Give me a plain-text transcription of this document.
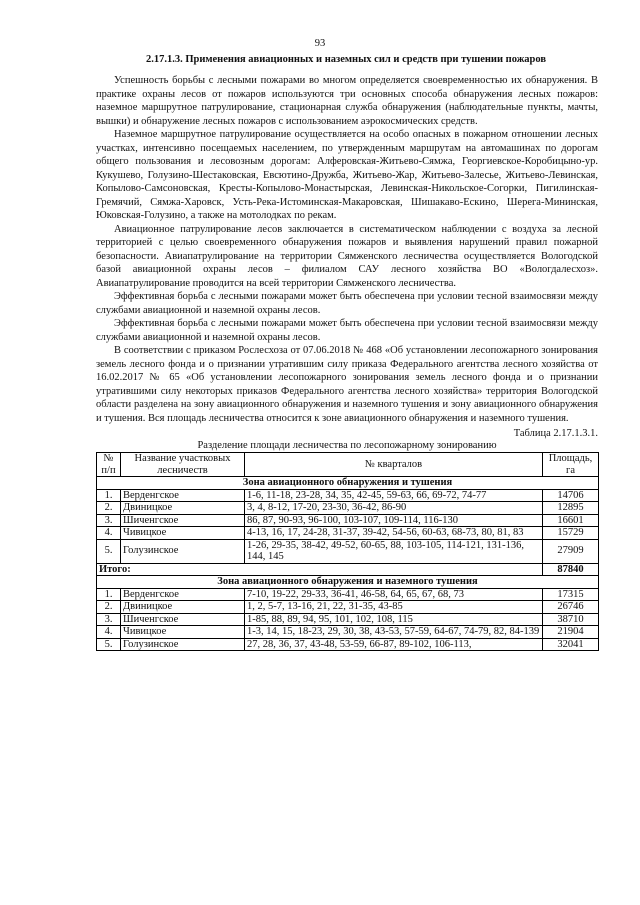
93
2.17.1.3. Применения авиационных и наземных сил и средств при тушении пожаров

Успешность борьбы с лесными пожарами во многом определяется своевременностью их обнаружения. В практике охраны лесов от пожаров используются три основных способа обнаружения лесных пожаров: наземное маршрутное патрулирование, стационарная служба обнаружения (наблюдательные пункты, мачты, вышки) и обнаружение лесных пожаров с использованием аэрокосмических средств.

Наземное маршрутное патрулирование осуществляется на особо опасных в пожарном отношении лесных участках, интенсивно посещаемых населением, по утвержденным маршрутам на автомашинах по дорогам общего пользования и лесовозным дорогам: Алферовская-Житьево-Сямжа, Георгиевское-Коробицыно-ур. Кукушево, Голузино-Шестаковская, Евсютино-Дружба, Житьево-Жар, Житьево-Залесье, Житьево-Левинская, Копылово-Самсоновская, Кресты-Копылово-Монастырская, Левинская-Никольское-Согорки, Пигилинская-Гремячий, Сямжа-Харовск, Усть-Река-Истоминская-Макаровская, Шишакаво-Ескино, Шерега-Мининская, Юковская-Голузино, а также на мотолодках по рекам.

Авиационное патрулирование лесов заключается в систематическом наблюдении с воздуха за лесной территорией с целью своевременного обнаружения пожаров и выявления нарушений правил пожарной безопасности. Авиапатрулирование на территории Сямженского лесничества осуществляется Вологодской базой авиационной охраны лесов – филиалом САУ лесного хозяйства ВО «Вологдалесхоз». Авиапатрулирование проводится на всей территории Сямженского лесничества.

Эффективная борьба с лесными пожарами может быть обеспечена при условии тесной взаимосвязи между службами авиационной и наземной охраны лесов.

Эффективная борьба с лесными пожарами может быть обеспечена при условии тесной взаимосвязи между службами авиационной и наземной охраны лесов.

В соответствии с приказом Рослесхоза от 07.06.2018 № 468 «Об установлении лесопожарного зонирования земель лесного фонда и о признании утратившим силу приказа Федерального агентства лесного хозяйства от 16.02.2017 № 65 «Об установлении лесопожарного зонирования земель лесного фонда и о признании утратившими силу некоторых приказов Федерального агентства лесного хозяйства» территория Вологодской области разделена на зону авиационного обнаружения и наземного тушения и зону авиационного обнаружения и тушения. Вся площадь лесничества относится к зоне авиационного обнаружения и наземного тушения.

Таблица 2.17.1.3.1.
Разделение площади лесничества по лесопожарному зонированию
№ п/п	Название участковых лесничеств	№ кварталов	Площадь, га
Зона авиационного обнаружения и тушения			
1.	Верденгское	1-6, 11-18, 23-28, 34, 35, 42-45, 59-63, 66, 69-72, 74-77	14706
2.	Двиницкое	3, 4, 8-12, 17-20, 23-30, 36-42, 86-90	12895
3.	Шиченгское	86, 87, 90-93, 96-100, 103-107, 109-114, 116-130	16601
4.	Чивицкое	4-13, 16, 17, 24-28, 31-37, 39-42, 54-56, 60-63, 68-73, 80, 81, 83	15729
5.	Голузинское	1-26, 29-35, 38-42, 49-52, 60-65, 88, 103-105, 114-121, 131-136, 144, 145	27909
Итого:			87840
Зона авиационного обнаружения и наземного тушения			
1.	Верденгское	7-10, 19-22, 29-33, 36-41, 46-58, 64, 65, 67, 68, 73	17315
2.	Двиницкое	1, 2, 5-7, 13-16, 21, 22, 31-35, 43-85	26746
3.	Шиченгское	1-85, 88, 89, 94, 95, 101, 102, 108, 115	38710
4.	Чивицкое	1-3, 14, 15, 18-23, 29, 30, 38, 43-53, 57-59, 64-67, 74-79, 82, 84-139	21904
5.	Голузинское	27, 28, 36, 37, 43-48, 53-59, 66-87, 89-102, 106-113,	32041
